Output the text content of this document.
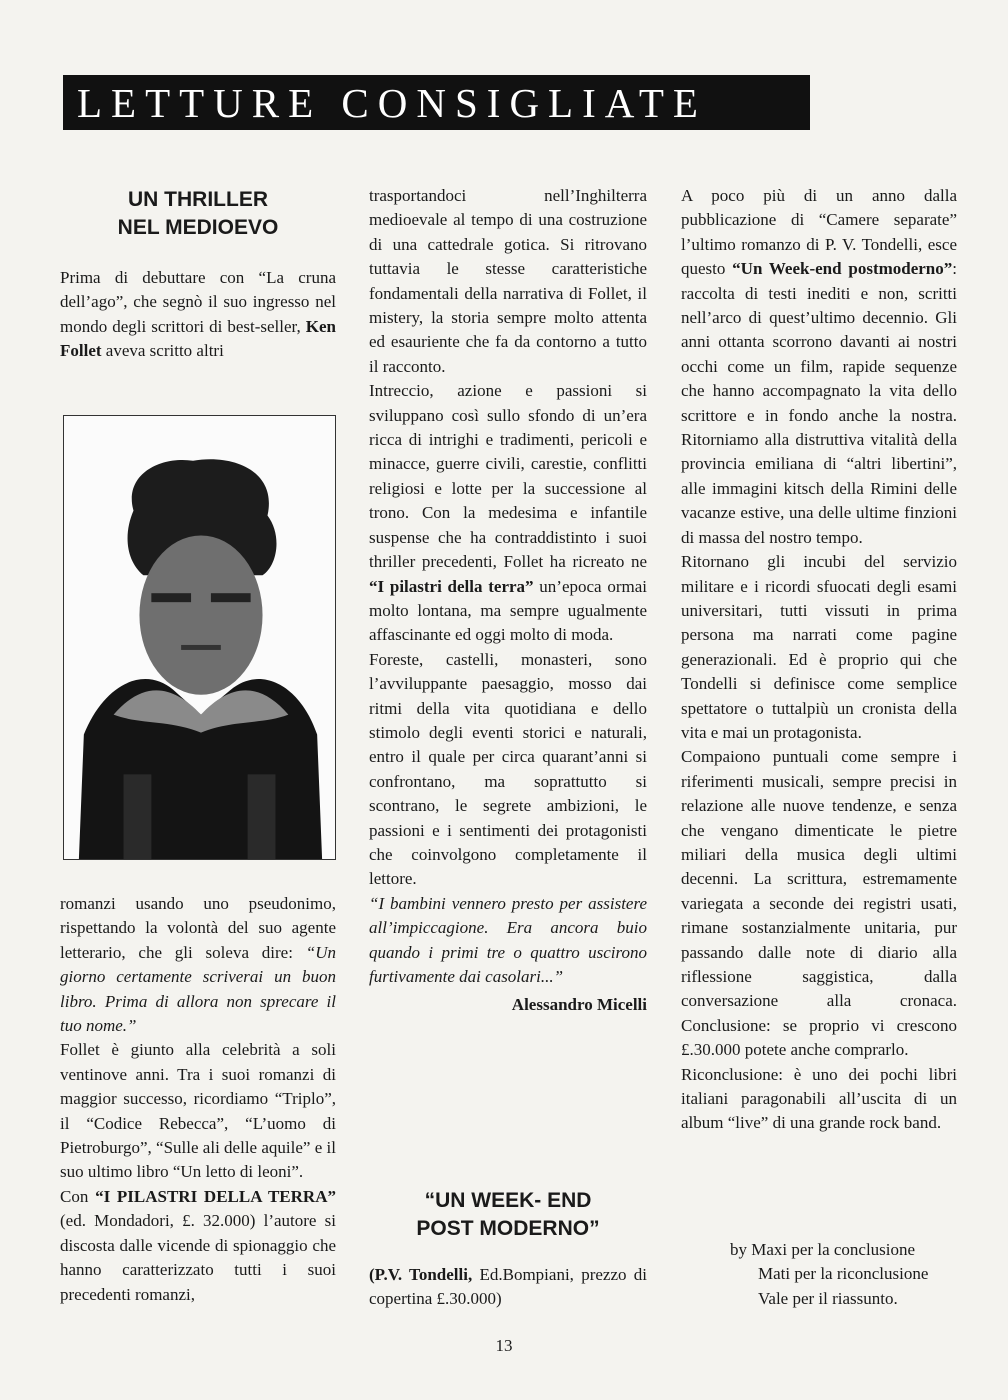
LETTURE CONSIGLIATE

UN THRILLER

NEL MEDIOEVO

Prima di debuttare con “La cruna dell’ago”, che segnò il suo ingresso nel mondo degli scrittori di best-seller, Ken Follet aveva scritto altri

romanzi usando uno pseudonimo, rispettando la volontà del suo agente letterario, che gli soleva dire: “Un giorno certamente scriverai un buon libro. Prima di allora non sprecare il tuo nome.”

Follet è giunto alla celebrità a soli ventinove anni. Tra i suoi romanzi di maggior successo, ricordiamo “Triplo”, il “Codice Rebecca”, “L’uomo di Pietroburgo”, “Sulle ali delle aquile” e il suo ultimo libro “Un letto di leoni”.

Con “I PILASTRI DELLA TERRA” (ed. Mondadori, £. 32.000) l’autore si discosta dalle vicende di spionaggio che hanno caratterizzato tutti i suoi precedenti romanzi,

trasportandoci nell’Inghilterra medioevale al tempo di una costruzione di una cattedrale gotica. Si ritrovano tuttavia le stesse caratteristiche fondamentali della narrativa di Follet, il mistery, la storia sempre molto attenta ed esauriente che fa da contorno a tutto il racconto.

Intreccio, azione e passioni si sviluppano così sullo sfondo di un’era ricca di intrighi e tradimenti, pericoli e minacce, guerre civili, carestie, conflitti religiosi e lotte per la successione al trono. Con la medesima e infantile suspense che ha contraddistinto i suoi thriller precedenti, Follet ha ricreato ne “I pilastri della terra” un’epoca ormai molto lontana, ma sempre ugualmente affascinante ed oggi molto di moda.

Foreste, castelli, monasteri, sono l’avviluppante paesaggio, mosso dai ritmi della vita quotidiana e dello stimolo degli eventi storici e naturali, entro il quale per circa quarant’anni si confrontano, ma soprattutto si scontrano, le segrete ambizioni, le passioni e i sentimenti dei protagonisti che coinvolgono completamente il lettore.

“I bambini vennero presto per assistere all’impiccagione. Era ancora buio quando i primi tre o quattro uscirono furtivamente dai casolari...”

Alessandro Micelli

“UN WEEK- END

POST MODERNO”

(P.V. Tondelli, Ed.Bompiani, prezzo di copertina £.30.000)

A poco più di un anno dalla pubblicazione di “Camere separate” l’ultimo romanzo di P. V. Tondelli, esce questo “Un Week-end postmoderno”: raccolta di testi inediti e non, scritti nell’arco di quest’ultimo decennio. Gli anni ottanta scorrono davanti ai nostri occhi come un film, rapide sequenze che hanno accompagnato la vita dello scrittore e in fondo anche la nostra. Ritorniamo alla distruttiva vitalità della provincia emiliana di “altri libertini”, alle immagini kitsch della Rimini delle vacanze estive, una delle ultime finzioni di massa del nostro tempo.

Ritornano gli incubi del servizio militare e i ricordi sfuocati degli esami universitari, tutti vissuti in prima persona ma narrati come pagine generazionali. Ed è proprio qui che Tondelli si definisce come semplice spettatore o tuttalpiù un cronista della vita e mai un protagonista.

Compaiono puntuali come sempre i riferimenti musicali, sempre precisi in relazione alle nuove tendenze, e senza che vengano dimenticate le pietre miliari della musica degli ultimi decenni. La scrittura, estremamente variegata a seconde dei registri usati, rimane sostanzialmente unitaria, pur passando dalle note di diario alla riflessione saggistica, dalla conversazione alla cronaca. Conclusione: se proprio vi crescono £.30.000 potete anche comprarlo.

Riconclusione: è uno dei pochi libri italiani paragonabili all’uscita di un album “live” di una grande rock band.

by Maxi per la conclusione
Mati per la riconclusione
Vale per il riassunto.
13
